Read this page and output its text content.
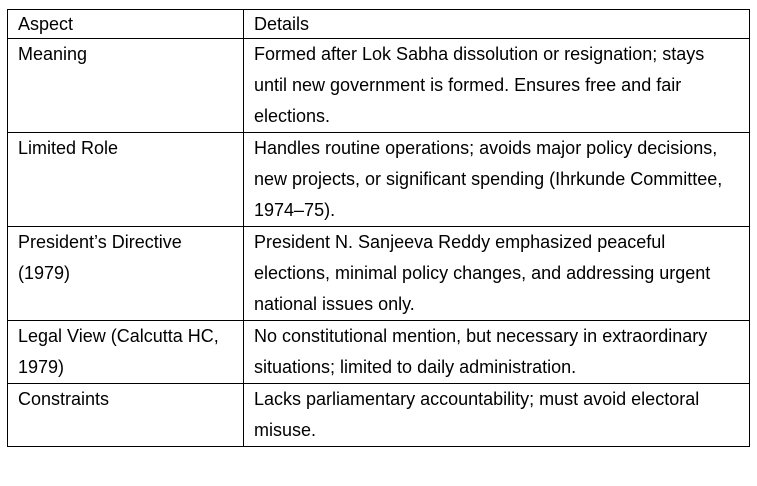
Aspect	Details
Meaning	Formed after Lok Sabha dissolution or resignation; stays until new government is formed. Ensures free and fair elections.
Limited Role	Handles routine operations; avoids major policy decisions, new projects, or significant spending (Ihrkunde Committee, 1974–75).
President’s Directive (1979)	President N. Sanjeeva Reddy emphasized peaceful elections, minimal policy changes, and addressing urgent national issues only.
Legal View (Calcutta HC, 1979)	No constitutional mention, but necessary in extraordinary situations; limited to daily administration.
Constraints	Lacks parliamentary accountability; must avoid electoral misuse.
